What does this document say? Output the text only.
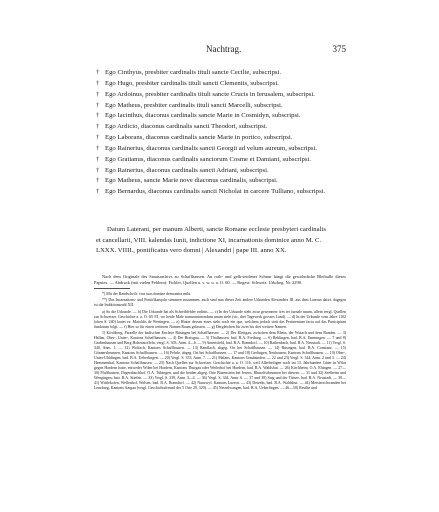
Nachtrag.	375
† Ego Cinthyus, presbiter cardinalis tituli sancte Cecilie, subscripsi.
† Ego Hugo, presbiter cardinalis tituli sancti Clementis, subscripsi.
† Ego Ardoinus, presbiter cardinalis tituli sancte Crucis in Ierusalem, subscripsi.
† Ego Matheus, presbiter cardinalis tituli sancti Marcelli, subscripsi.
† Ego Iacinthus, diaconus cardinalis sancte Marie in Cosmidyn, subscripsi.
† Ego Ardicio, diaconus cardinalis sancti Theodori, subscripsi.
† Ego Laborans, diaconus cardinalis sancte Marie in portico, subscripsi.
† Ego Rainerius, diaconus cardinalis sancti Georgii ad velum aureum, subscripsi.
† Ego Gratianus, diaconus cardinalis sanctorum Cosme et Damiani, subscripsi.
† Ego Rainerius, diaconus cardinalis sancti Adriani, subscripsi.
† Ego Matheus, sancte Marie nove diaconus cardinalis, subscripsi.
† Ego Bernardus, diaconus cardinalis sancti Nicholai in carcere Tulliano, subscripsi.
Datum Laterani, per manum Alberti, sancte Romane ecclesie presbyteri cardinalis
et cancellarii, VIII. kalendas Iunii, indictione XI, incarnationis dominice anno M. C.
LXXX. VIIII., pontificatus vero domni | Alexandri | pape III. anno XX.

Nach dem Originale des Staatsarchivs zu Schaffhausen. An roth- und gelb-seidener Schnur hängt die gewöhnliche Bleibulle dieses Papstes. — Abdruck (mit vielen Fehlern): Fickler, Quellen u. s. w. u. a. O. 60. — Regest: Schweiz. Urkdreg. Nr. 2298.

*) Mit der Randschrift: vias tuas domine demonstra mihi.

**) Das Incarnations- und Pontifikatsjahr stimmen zusammen, auch sind nun dieser Zeit andere Urkunden Alexanders III. aus dem Lateran datirt, dagegen ist die Indiktionszahl XII.

a) So die Urkunde. — b) Die Urkunde hat als Schreibfehler ordinis. — c) In der Urkunde steht zwar gewonnen: tres ter iurnale unum, allein vergl. Quellen zur Schweizer. Geschichte a. a. O. 69, 81, wo beide Male transeuntarondum unum steht (sic, drei Tagewerk grosses Land). — d) In der Urkunde vom Jahre 1102 (oben S. 240) lautet es: Maioldis de Wertingen. — e) Hinter dessen eines steht noch ein que, welchem jedoch statt das Pertinentum facta auf das Participium fundatum folgt. — f) Hier so für einen weiteren Namen Raum gelassen. — g) Dergleichen für zwei bis drei weitere Namen.

1) Kirchberg, Parzelle der badischen Enclave Büsingen bei Schaffhausen. — 2) Der Klettgau, zwischen dem Rhein, der Wutach und dem Randen. — 3) Hallau, Ober-, Unter-, Kantons Schaffhausen. — 4) Der Breisgau. — 5) Thalhausen, bad. B.A. Freiburg. — 6) Behlingen, bad. B.A. Emmingen. — 7 und 8) Grabenhausen und Berg Hohenstoffeln, vergl. S. 303, Anm. 4—6. — 9) Amertsfeld, bad. B.A. Bonndorf. — 10) Rathenbach, bad. B.A. Neustadt. — 11) Vergl. S. 340, Anm. 1. — 12) Wolfach, Kantons Schaffhausen. — 13) Randlach, abgeg. Ort bei Schaffhausen. — 14) Büsingen, bad. B.A. Constanz. — 15) Gönnersbrunnen, Kantons Schaffhausen. — 16) Fehrle, abgeg. Ort bei Schaffhausen. — 17 und 18) Gerlingen, Neuhausen, Kantons Schaffhausen. — 19) Ober-, Unter-Uhldingen, bad. B.A. Ueberlingen. — 20) Vergl. S. 353, Anm. 7. — 21) Malans, Kantons Graubünden. — 22 und 23) Vergl. S. 344, Anm. 2 und 3. — 24) Hemmenthal, Kantons Schaffhausen. — 25) Nach Quellen zur Schweizer. Geschichte a. a. O. 116, weil Allerheiligen noch im 13. Jahrhundert Güter in Wilar gegen Hardern hatte, entweder Wilen bei Hardern, Kantons Thurgau oder Weilerhof bei Hardern, bad. B.A. Waldshut. — 26) Kirchheim, O.A. Ehingen. — 27—30) Pfaffhausen, Degernbuchhof, O.A. Tübingen, und die beiden abgeg. Orte Bitzenstein bei Jesern, Rhmolfstbrunnen bei diesem. — 31 und 32) Seelheim und Wengingen; bair. B.A. Stiefen. — 33) Vergl. S. 339, Anm. 3—4. — 36) Vergl. S. 344, Anm. 6. — 37 und 38) Saig und der Titisee, bad. B.A. Neustadt. — 39—41) Wittlekofen, Wellenhof, Wolsen, bad. B.A. Bonndorf. — 42) Nunzwyl, Kantons Luzern. — 43) Detzeln, bad. B.A. Waldshut. — 44) Meisterschwanden bei Lenzburg, Kantons Aargau (vergl. Geschichtsfreund der 5 Orte 29, 320). — 45) Nesselwangen, bad. B.A. Ueberlingen. — 46—50) Reuthe und
